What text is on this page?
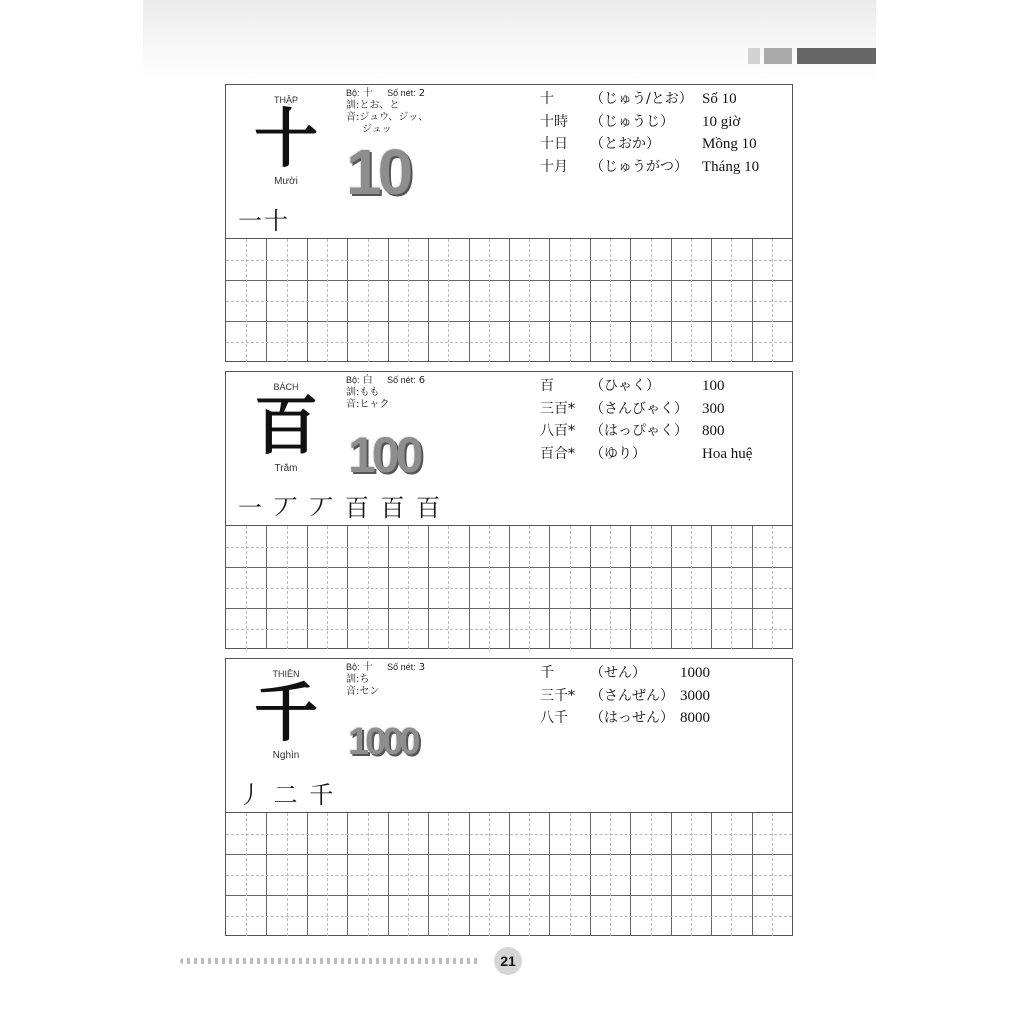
THẬP
十
Mười
Bộ: 十 Số nét: 2
訓:とお、と
音:ジュウ、ジッ、
ジュッ
10
一十
十	（じゅう/とお） Số 10
十時	（じゅうじ）	10 giờ
十日	（とおか）	Mồng 10
十月	（じゅうがつ） Tháng 10
BÁCH
百
Trăm
Bộ: 白 Số nét: 6
訓:もも
音:ヒャク
100
一 丆 丆 百 百 百
百	（ひゃく）	100
三百*	（さんびゃく） 300
八百*	（はっぴゃく） 800
百合*	（ゆり）	Hoa huệ
THIÊN
千
Nghìn
Bộ: 十 Số nét: 3
訓:ち
音:セン
1000
丿 二 千
千	（せん）	1000
三千*	（さんぜん） 3000
八千	（はっせん） 8000
21
